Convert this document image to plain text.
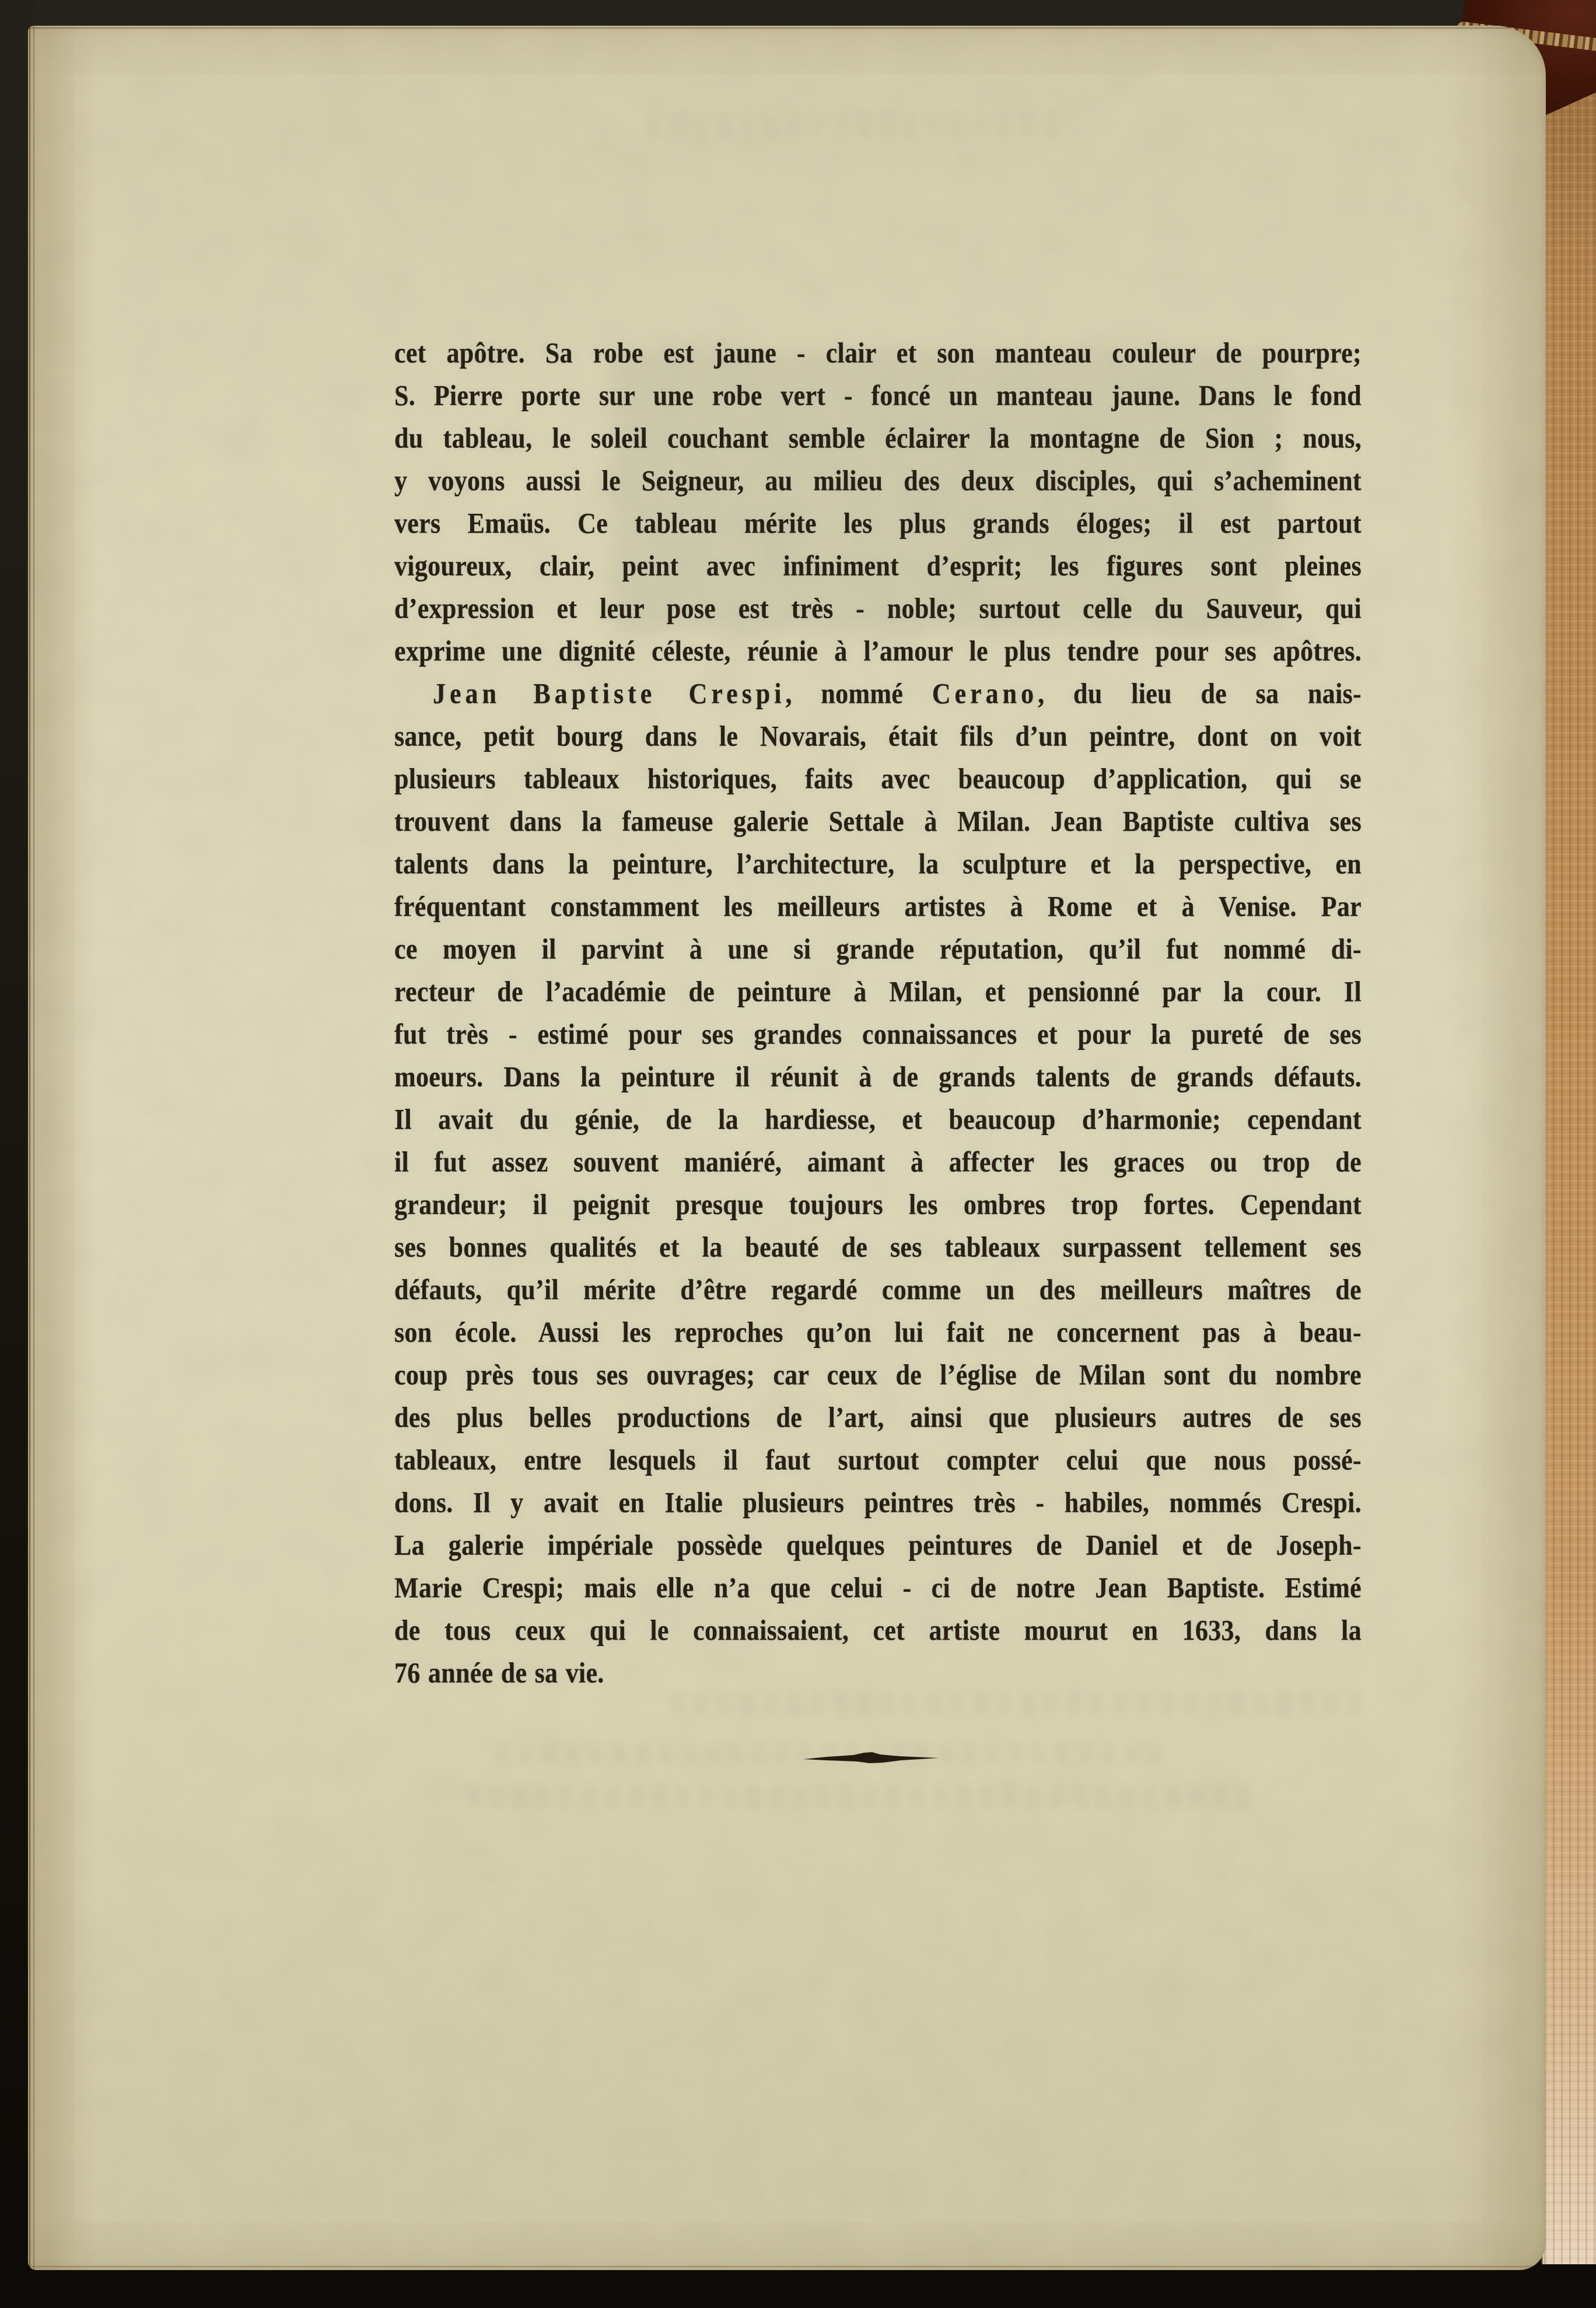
cet apôtre. Sa robe est jaune - clair et son manteau couleur de pourpre;
S. Pierre porte sur une robe vert - foncé un manteau jaune. Dans le fond
du tableau, le soleil couchant semble éclairer la montagne de Sion ; nous,
y voyons aussi le Seigneur, au milieu des deux disciples, qui s’acheminent
vers Emaüs. Ce tableau mérite les plus grands éloges; il est partout
vigoureux, clair, peint avec infiniment d’esprit; les figures sont pleines
d’expression et leur pose est très - noble; surtout celle du Sauveur, qui
exprime une dignité céleste, réunie à l’amour le plus tendre pour ses apôtres.
Jean Baptiste Crespi, nommé Cerano, du lieu de sa nais-
sance, petit bourg dans le Novarais, était fils d’un peintre, dont on voit
plusieurs tableaux historiques, faits avec beaucoup d’application, qui se
trouvent dans la fameuse galerie Settale à Milan. Jean Baptiste cultiva ses
talents dans la peinture, l’architecture, la sculpture et la perspective, en
fréquentant constamment les meilleurs artistes à Rome et à Venise. Par
ce moyen il parvint à une si grande réputation, qu’il fut nommé di-
recteur de l’académie de peinture à Milan, et pensionné par la cour. Il
fut très - estimé pour ses grandes connaissances et pour la pureté de ses
moeurs. Dans la peinture il réunit à de grands talents de grands défauts.
Il avait du génie, de la hardiesse, et beaucoup d’harmonie; cependant
il fut assez souvent maniéré, aimant à affecter les graces ou trop de
grandeur; il peignit presque toujours les ombres trop fortes. Cependant
ses bonnes qualités et la beauté de ses tableaux surpassent tellement ses
défauts, qu’il mérite d’être regardé comme un des meilleurs maîtres de
son école. Aussi les reproches qu’on lui fait ne concernent pas à beau-
coup près tous ses ouvrages; car ceux de l’église de Milan sont du nombre
des plus belles productions de l’art, ainsi que plusieurs autres de ses
tableaux, entre lesquels il faut surtout compter celui que nous possé-
dons. Il y avait en Italie plusieurs peintres très - habiles, nommés Crespi.
La galerie impériale possède quelques peintures de Daniel et de Joseph-
Marie Crespi; mais elle n’a que celui - ci de notre Jean Baptiste. Estimé
de tous ceux qui le connaissaient, cet artiste mourut en 1633, dans la
76 année de sa vie.
